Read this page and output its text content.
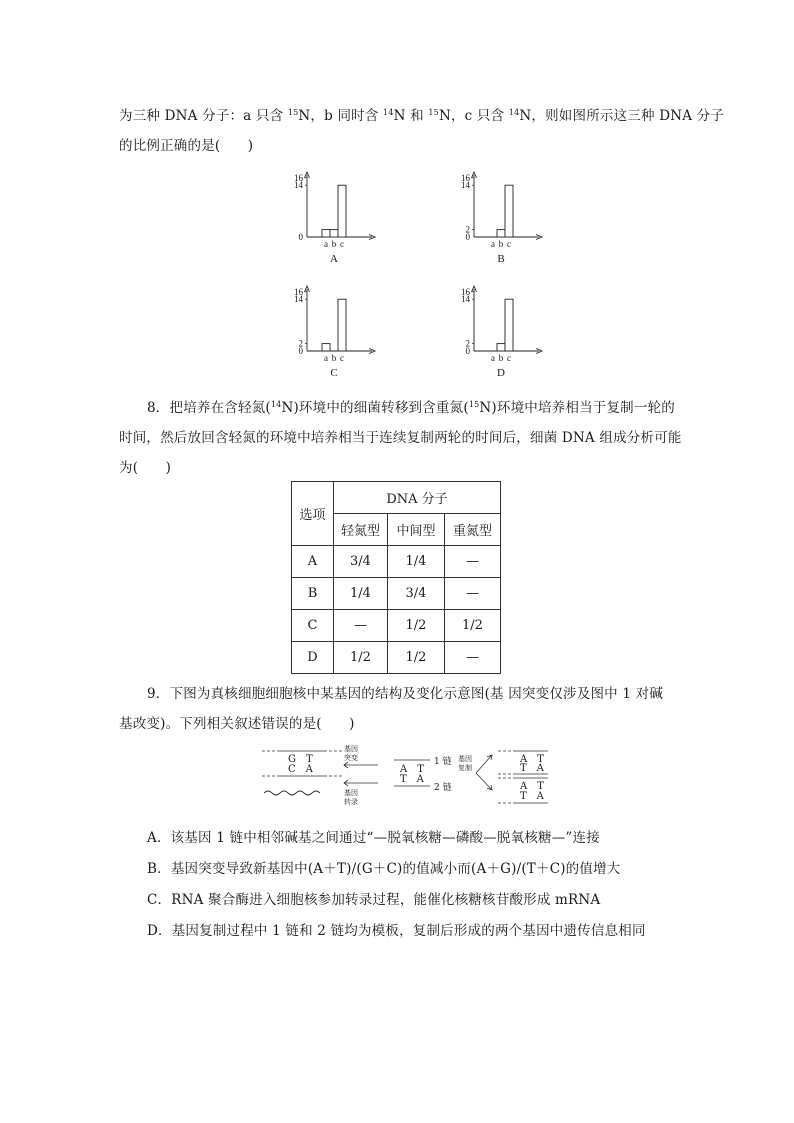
为三种 DNA 分子：a 只含 $^{15}$N，b 同时含 $^{14}$N 和 $^{15}$N，c 只含 $^{14}$N，则如图所示这三种 DNA 分子
的比例正确的是(　　)
0
14
16
a b c
A
0
2
14
16
a b c
B
0
2
14
16
a b c
C
0
2
14
16
a b c
D
8．把培养在含轻氮($^{14}$N)环境中的细菌转移到含重氮($^{15}$N)环境中培养相当于复制一轮的
时间，然后放回含轻氮的环境中培养相当于连续复制两轮的时间后，细菌 DNA 组成分析可能
为(　　)
选项	DNA 分子		
	轻氮型	中间型	重氮型
A	3/4	1/4	—
B	1/4	3/4	—
C	—	1/2	1/2
D	1/2	1/2	—
9．下图为真核细胞细胞核中某基因的结构及变化示意图(基 因突变仅涉及图中 1 对碱
基改变)。下列相关叙述错误的是(　　)
G　T
C　A
基因
突变
基因
转录
1 链
A　T
T　A
2 链
基因
复制
A　T
T　A
A　T
T　A
A．该基因 1 链中相邻碱基之间通过“—脱氧核糖—磷酸—脱氧核糖—”连接
B．基因突变导致新基因中(A＋T)/(G＋C)的值减小而(A＋G)/(T＋C)的值增大
C．RNA 聚合酶进入细胞核参加转录过程，能催化核糖核苷酸形成 mRNA
D．基因复制过程中 1 链和 2 链均为模板，复制后形成的两个基因中遗传信息相同
